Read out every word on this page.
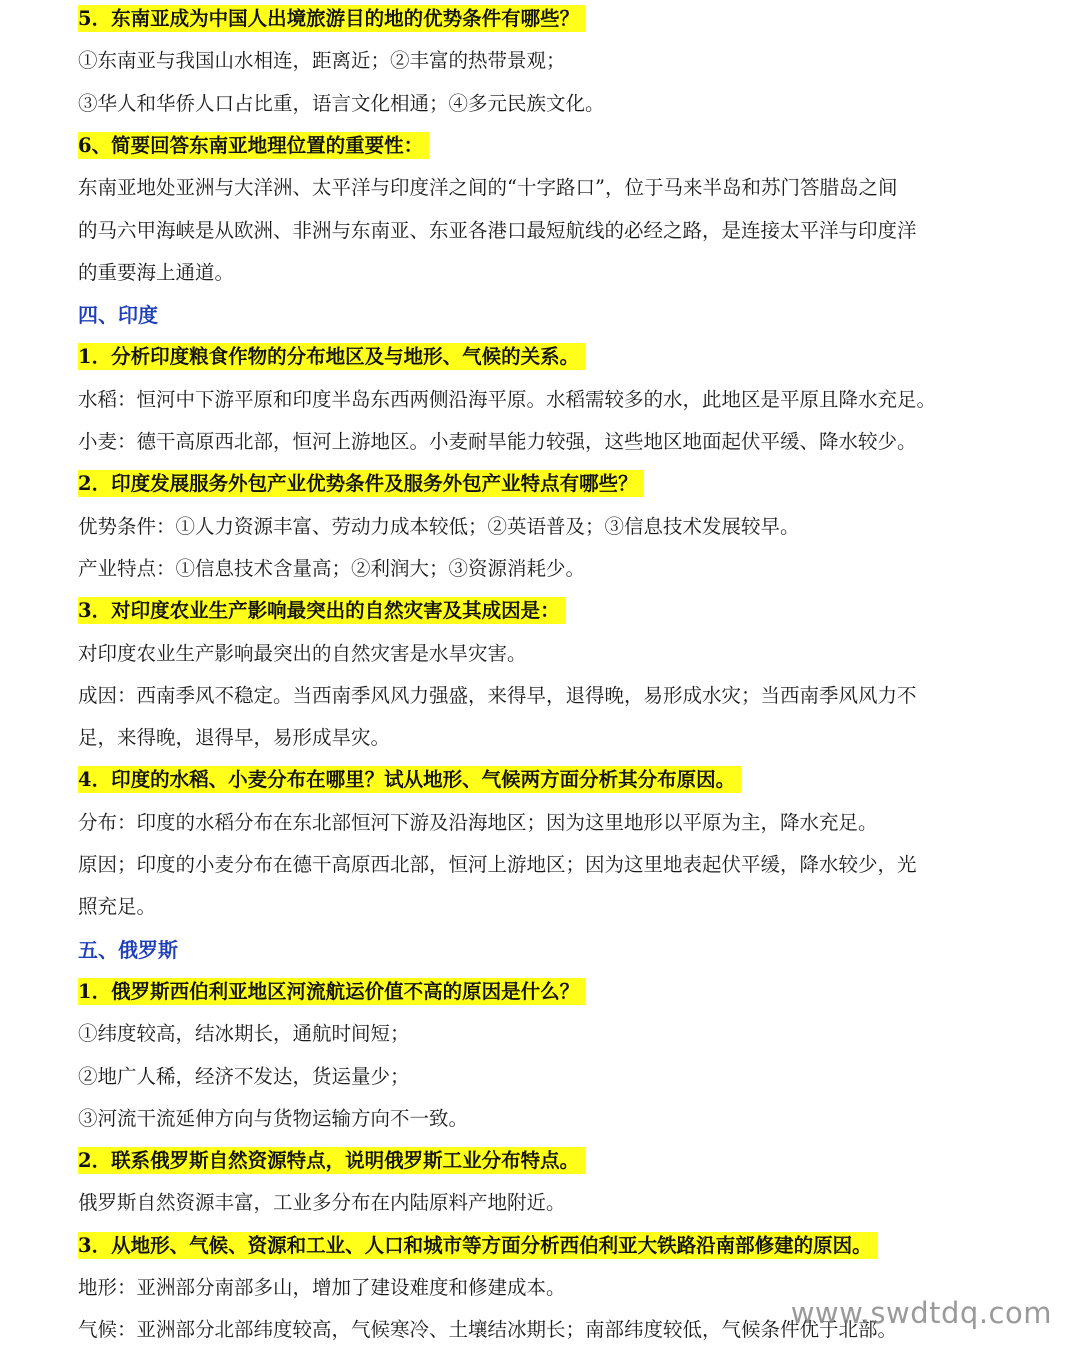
5．东南亚成为中国人出境旅游目的地的优势条件有哪些？
①东南亚与我国山水相连，距离近；②丰富的热带景观；
③华人和华侨人口占比重，语言文化相通；④多元民族文化。
6、简要回答东南亚地理位置的重要性：
东南亚地处亚洲与大洋洲、太平洋与印度洋之间的“十字路口”，位于马来半岛和苏门答腊岛之间
的马六甲海峡是从欧洲、非洲与东南亚、东亚各港口最短航线的必经之路，是连接太平洋与印度洋
的重要海上通道。
四、印度
1．分析印度粮食作物的分布地区及与地形、气候的关系。
水稻：恒河中下游平原和印度半岛东西两侧沿海平原。水稻需较多的水，此地区是平原且降水充足。
小麦：德干高原西北部，恒河上游地区。小麦耐旱能力较强，这些地区地面起伏平缓、降水较少。
2．印度发展服务外包产业优势条件及服务外包产业特点有哪些？
优势条件：①人力资源丰富、劳动力成本较低；②英语普及；③信息技术发展较早。
产业特点：①信息技术含量高；②利润大；③资源消耗少。
3．对印度农业生产影响最突出的自然灾害及其成因是：
对印度农业生产影响最突出的自然灾害是水旱灾害。
成因：西南季风不稳定。当西南季风风力强盛，来得早，退得晚，易形成水灾；当西南季风风力不
足，来得晚，退得早，易形成旱灾。
4．印度的水稻、小麦分布在哪里？试从地形、气候两方面分析其分布原因。
分布：印度的水稻分布在东北部恒河下游及沿海地区；因为这里地形以平原为主，降水充足。
原因；印度的小麦分布在德干高原西北部，恒河上游地区；因为这里地表起伏平缓，降水较少，光
照充足。
五、俄罗斯
1．俄罗斯西伯利亚地区河流航运价值不高的原因是什么？
①纬度较高，结冰期长，通航时间短；
②地广人稀，经济不发达，货运量少；
③河流干流延伸方向与货物运输方向不一致。
2．联系俄罗斯自然资源特点，说明俄罗斯工业分布特点。
俄罗斯自然资源丰富，工业多分布在内陆原料产地附近。
3．从地形、气候、资源和工业、人口和城市等方面分析西伯利亚大铁路沿南部修建的原因。
地形：亚洲部分南部多山，增加了建设难度和修建成本。
气候：亚洲部分北部纬度较高，气候寒冷、土壤结冰期长；南部纬度较低，气候条件优于北部。
www.swdtdq.com
